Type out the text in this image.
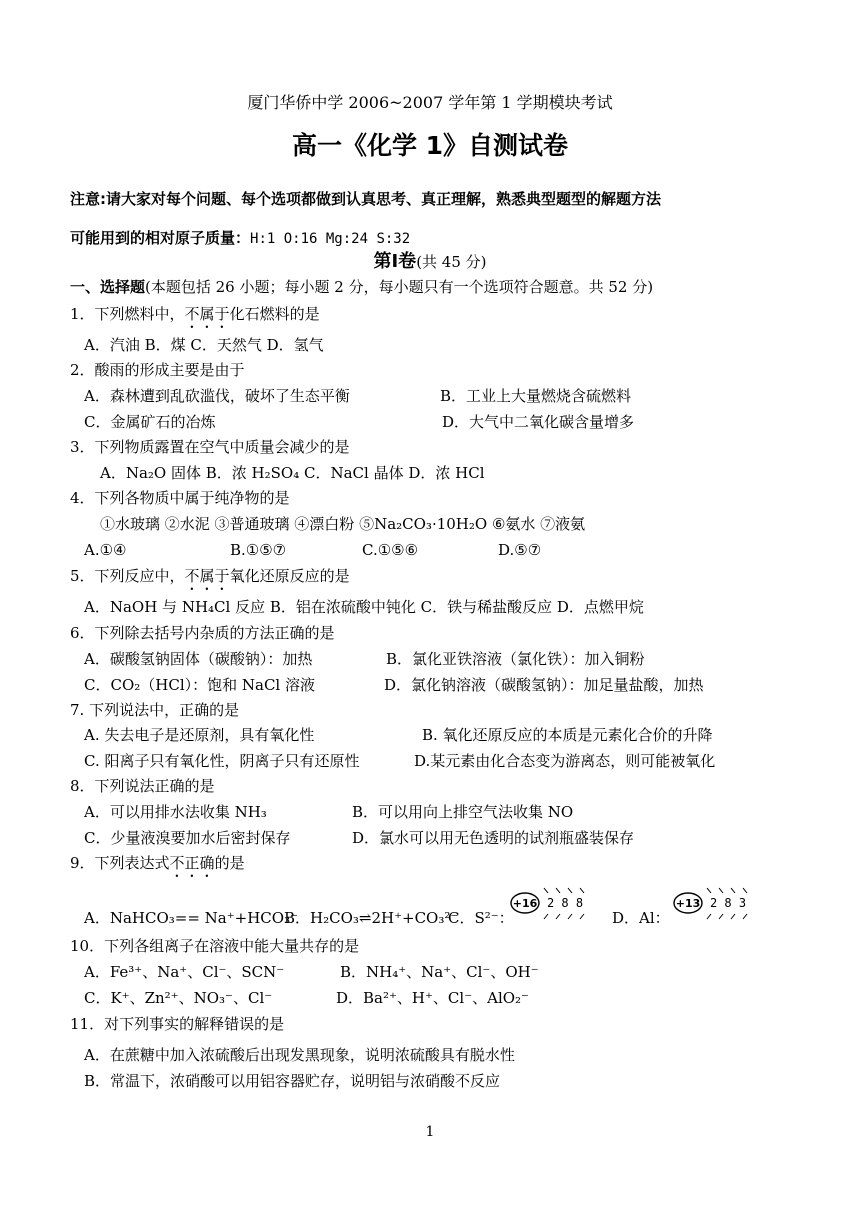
厦门华侨中学 2006~2007 学年第 1 学期模块考试
高一《化学 1》自测试卷
注意:请大家对每个问题、每个选项都做到认真思考、真正理解，熟悉典型题型的解题方法
可能用到的相对原子质量：H:1 O:16 Mg:24 S:32
第Ⅰ卷(共 45 分)
一、选择题(本题包括 26 小题；每小题 2 分，每小题只有一个选项符合题意。共 52 分)
1．下列燃料中，不属于化石燃料的是
A．汽油 B．煤 C．天然气 D．氢气
2．酸雨的形成主要是由于
A．森林遭到乱砍滥伐，破坏了生态平衡	B．工业上大量燃烧含硫燃料
C．金属矿石的冶炼	D．大气中二氧化碳含量增多
3．下列物质露置在空气中质量会减少的是
A．Na₂O 固体 B．浓 H₂SO₄ C．NaCl 晶体 D．浓 HCl
4．下列各物质中属于纯净物的是
①水玻璃 ②水泥 ③普通玻璃 ④漂白粉 ⑤Na₂CO₃·10H₂O ⑥氨水 ⑦液氨
A.①④	B.①⑤⑦	C.①⑤⑥	D.⑤⑦
5．下列反应中，不属于氧化还原反应的是
A．NaOH 与 NH₄Cl 反应 B．铝在浓硫酸中钝化 C．铁与稀盐酸反应 D．点燃甲烷
6．下列除去括号内杂质的方法正确的是
A．碳酸氢钠固体（碳酸钠）：加热	B．氯化亚铁溶液（氯化铁）：加入铜粉
C．CO₂（HCl）：饱和 NaCl 溶液	D．氯化钠溶液（碳酸氢钠）：加足量盐酸，加热
7. 下列说法中，正确的是
A. 失去电子是还原剂，具有氧化性	B. 氧化还原反应的本质是元素化合价的升降
C. 阳离子只有氧化性，阴离子只有还原性	D.某元素由化合态变为游离态，则可能被氧化
8．下列说法正确的是
A．可以用排水法收集 NH₃	B．可以用向上排空气法收集 NO
C．少量液溴要加水后密封保存	D．氯水可以用无色透明的试剂瓶盛装保存
9．下列表达式不正确的是
A．NaHCO₃== Na⁺+HCO₃⁻
B．H₂CO₃⇌2H⁺+CO₃²⁻
C．S²⁻：
+16 2 8 8
D．Al：
+13 2 8 3
10．下列各组离子在溶液中能大量共存的是
A．Fe³⁺、Na⁺、Cl⁻、SCN⁻	B．NH₄⁺、Na⁺、Cl⁻、OH⁻
C．K⁺、Zn²⁺、NO₃⁻、Cl⁻	D．Ba²⁺、H⁺、Cl⁻、AlO₂⁻
11．对下列事实的解释错误的是
A．在蔗糖中加入浓硫酸后出现发黑现象，说明浓硫酸具有脱水性
B．常温下，浓硝酸可以用铝容器贮存，说明铝与浓硝酸不反应
1
